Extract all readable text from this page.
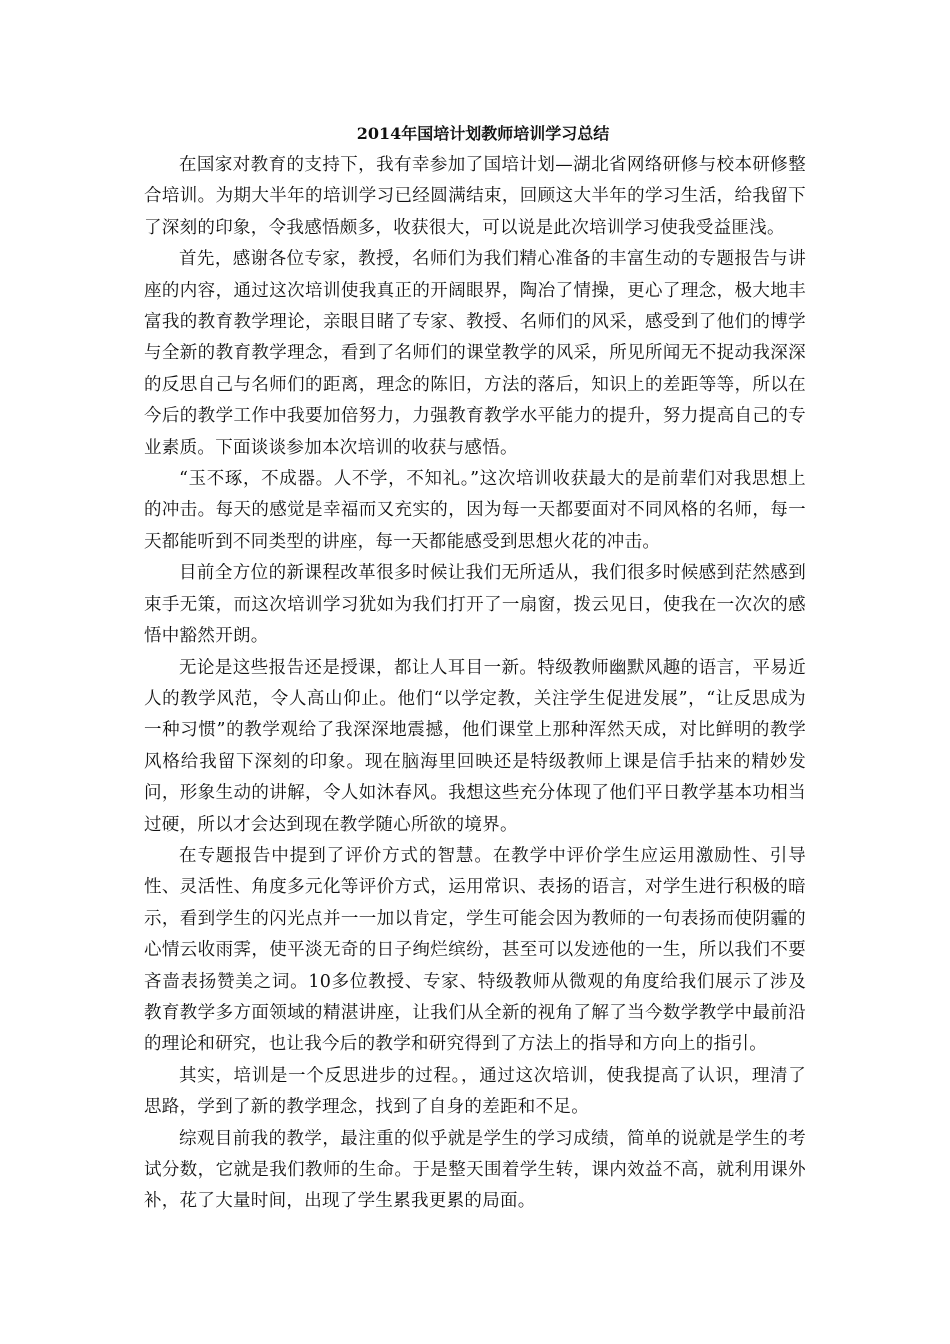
2014年国培计划教师培训学习总结

在国家对教育的支持下，我有幸参加了国培计划—湖北省网络研修与校本研修整合培训。为期大半年的培训学习已经圆满结束，回顾这大半年的学习生活，给我留下了深刻的印象，令我感悟颇多，收获很大，可以说是此次培训学习使我受益匪浅。

首先，感谢各位专家，教授，名师们为我们精心准备的丰富生动的专题报告与讲座的内容，通过这次培训使我真正的开阔眼界，陶冶了情操，更心了理念，极大地丰富我的教育教学理论，亲眼目睹了专家、教授、名师们的风采，感受到了他们的博学与全新的教育教学理念，看到了名师们的课堂教学的风采，所见所闻无不捉动我深深的反思自己与名师们的距离，理念的陈旧，方法的落后，知识上的差距等等，所以在今后的教学工作中我要加倍努力，力强教育教学水平能力的提升，努力提高自己的专业素质。下面谈谈参加本次培训的收获与感悟。

“玉不琢，不成器。人不学，不知礼。”这次培训收获最大的是前辈们对我思想上的冲击。每天的感觉是幸福而又充实的，因为每一天都要面对不同风格的名师，每一天都能听到不同类型的讲座，每一天都能感受到思想火花的冲击。

目前全方位的新课程改革很多时候让我们无所适从，我们很多时候感到茫然感到束手无策，而这次培训学习犹如为我们打开了一扇窗，拨云见日，使我在一次次的感悟中豁然开朗。

无论是这些报告还是授课，都让人耳目一新。特级教师幽默风趣的语言，平易近人的教学风范，令人高山仰止。他们“以学定教，关注学生促进发展”，“让反思成为一种习惯”的教学观给了我深深地震撼，他们课堂上那种浑然天成，对比鲜明的教学风格给我留下深刻的印象。现在脑海里回映还是特级教师上课是信手拈来的精妙发问，形象生动的讲解，令人如沐春风。我想这些充分体现了他们平日教学基本功相当过硬，所以才会达到现在教学随心所欲的境界。

在专题报告中提到了评价方式的智慧。在教学中评价学生应运用激励性、引导性、灵活性、角度多元化等评价方式，运用常识、表扬的语言，对学生进行积极的暗示，看到学生的闪光点并一一加以肯定，学生可能会因为教师的一句表扬而使阴霾的心情云收雨霁，使平淡无奇的日子绚烂缤纷，甚至可以发迹他的一生，所以我们不要吝啬表扬赞美之词。10多位教授、专家、特级教师从微观的角度给我们展示了涉及教育教学多方面领域的精湛讲座，让我们从全新的视角了解了当今数学教学中最前沿的理论和研究，也让我今后的教学和研究得到了方法上的指导和方向上的指引。

其实，培训是一个反思进步的过程。，通过这次培训，使我提高了认识，理清了思路，学到了新的教学理念，找到了自身的差距和不足。

综观目前我的教学，最注重的似乎就是学生的学习成绩，简单的说就是学生的考试分数，它就是我们教师的生命。于是整天围着学生转，课内效益不高，就利用课外补，花了大量时间，出现了学生累我更累的局面。
